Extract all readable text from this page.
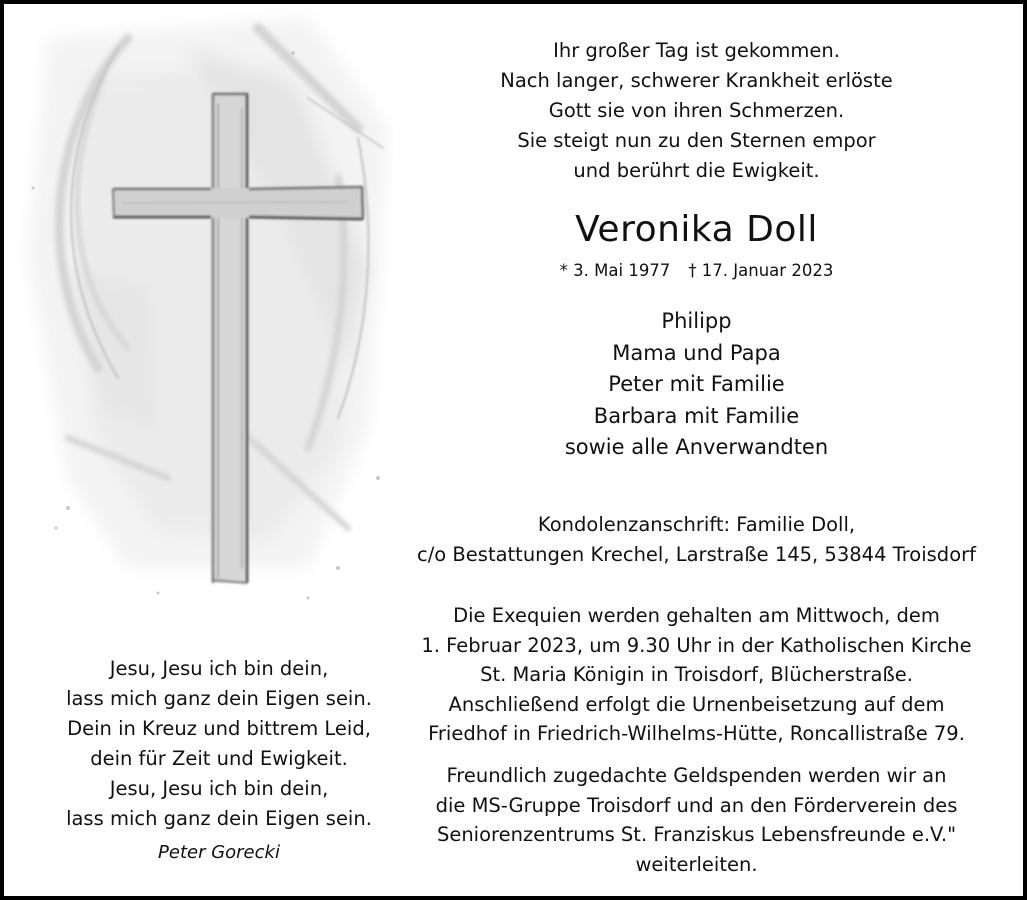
Jesu, Jesu ich bin dein,
lass mich ganz dein Eigen sein.
Dein in Kreuz und bittrem Leid,
dein für Zeit und Ewigkeit.
Jesu, Jesu ich bin dein,
lass mich ganz dein Eigen sein.
Peter Gorecki
Ihr großer Tag ist gekommen.
Nach langer, schwerer Krankheit erlöste
Gott sie von ihren Schmerzen.
Sie steigt nun zu den Sternen empor
und berührt die Ewigkeit.
Veronika Doll
* 3. Mai 1977 † 17. Januar 2023
Philipp
Mama und Papa
Peter mit Familie
Barbara mit Familie
sowie alle Anverwandten
Kondolenzanschrift: Familie Doll,
c/o Bestattungen Krechel, Larstraße 145, 53844 Troisdorf
Die Exequien werden gehalten am Mittwoch, dem
1. Februar 2023, um 9.30 Uhr in der Katholischen Kirche
St. Maria Königin in Troisdorf, Blücherstraße.
Anschließend erfolgt die Urnenbeisetzung auf dem
Friedhof in Friedrich-Wilhelms-Hütte, Roncallistraße 79.
Freundlich zugedachte Geldspenden werden wir an
die MS-Gruppe Troisdorf und an den Förderverein des
Seniorenzentrums St. Franziskus Lebensfreunde e.V."
weiterleiten.
